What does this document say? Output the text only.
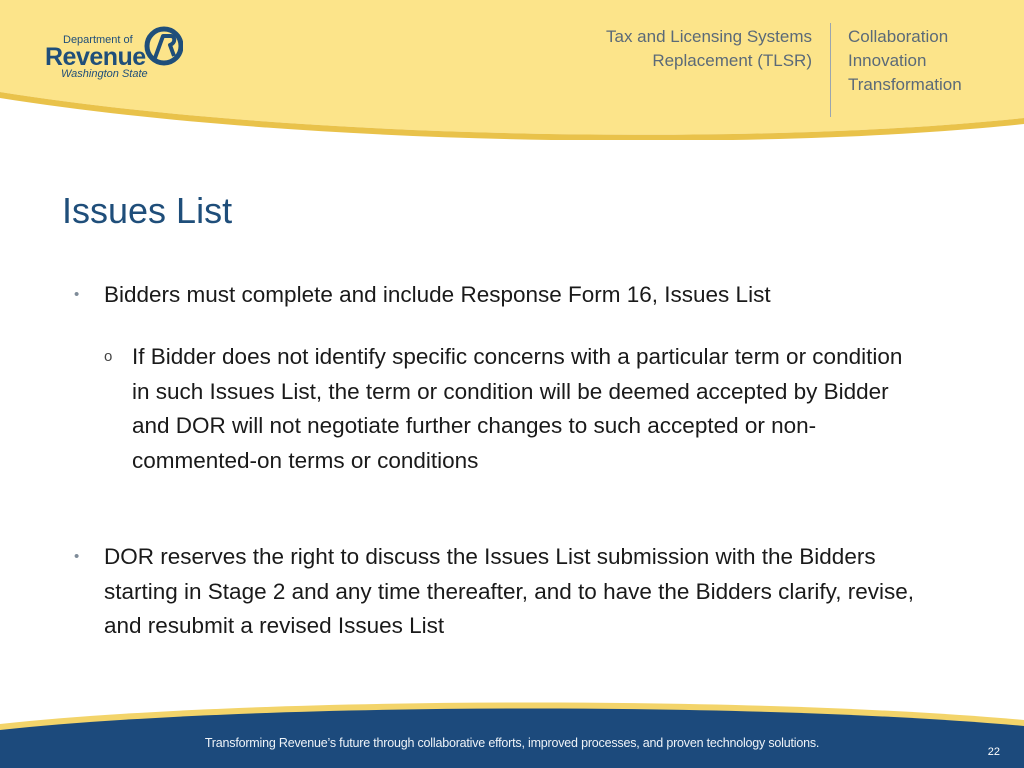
Department of
Revenue
Washington State
Tax and Licensing Systems
Replacement (TLSR)
Collaboration
Innovation
Transformation
Issues List
•	Bidders must complete and include Response Form 16, Issues List
o If Bidder does not identify specific concerns with a particular term or condition in such Issues List, the term or condition will be deemed accepted by Bidder and DOR will not negotiate further changes to such accepted or non-commented-on terms or conditions
•	DOR reserves the right to discuss the Issues List submission with the Bidders starting in Stage 2 and any time thereafter, and to have the Bidders clarify, revise, and resubmit a revised Issues List
Transforming Revenue’s future through collaborative efforts, improved processes, and proven technology solutions.
22
